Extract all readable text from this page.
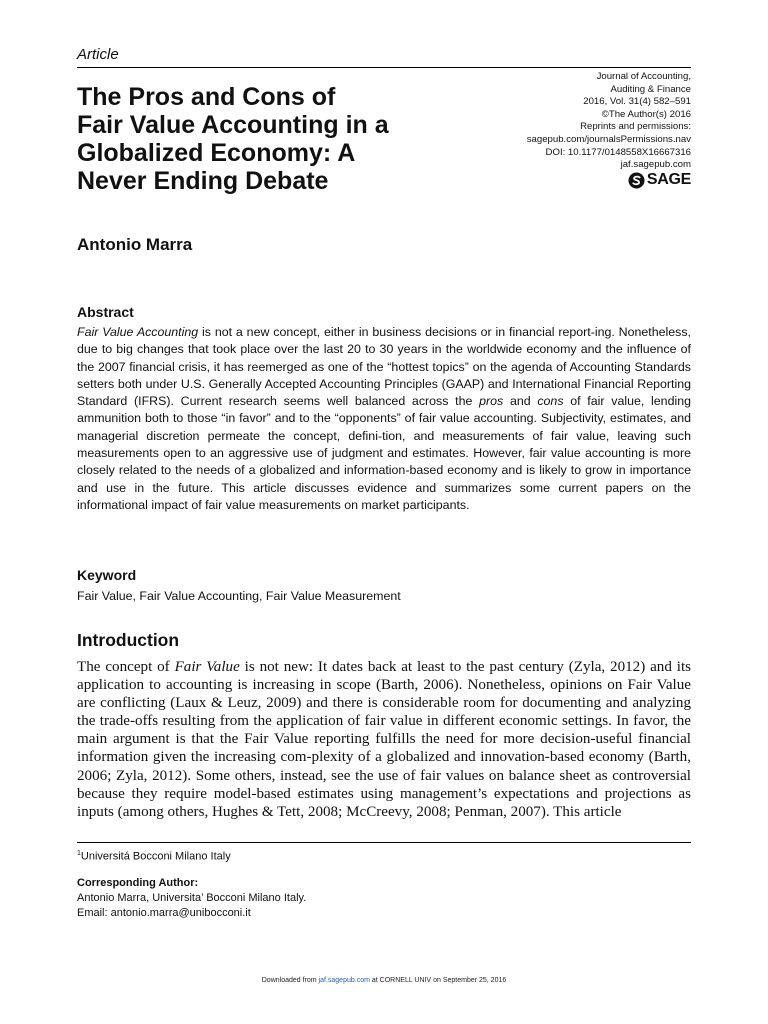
Article
The Pros and Cons of
Fair Value Accounting in a
Globalized Economy: A
Never Ending Debate
Journal of Accounting,
Auditing & Finance
2016, Vol. 31(4) 582–591
©The Author(s) 2016
Reprints and permissions:
sagepub.com/journalsPermissions.nav
DOI: 10.1177/0148558X16667316
jaf.sagepub.com
SAGE
Antonio Marra
Abstract

Fair Value Accounting is not a new concept, either in business decisions or in financial report-ing. Nonetheless, due to big changes that took place over the last 20 to 30 years in the worldwide economy and the influence of the 2007 financial crisis, it has reemerged as one of the “hottest topics” on the agenda of Accounting Standards setters both under U.S. Generally Accepted Accounting Principles (GAAP) and International Financial Reporting Standard (IFRS). Current research seems well balanced across the pros and cons of fair value, lending ammunition both to those “in favor” and to the “opponents” of fair value accounting. Subjectivity, estimates, and managerial discretion permeate the concept, defini-tion, and measurements of fair value, leaving such measurements open to an aggressive use of judgment and estimates. However, fair value accounting is more closely related to the needs of a globalized and information-based economy and is likely to grow in importance and use in the future. This article discusses evidence and summarizes some current papers on the informational impact of fair value measurements on market participants.

Keyword
Fair Value, Fair Value Accounting, Fair Value Measurement
Introduction

The concept of Fair Value is not new: It dates back at least to the past century (Zyla, 2012) and its application to accounting is increasing in scope (Barth, 2006). Nonetheless, opinions on Fair Value are conflicting (Laux & Leuz, 2009) and there is considerable room for documenting and analyzing the trade-offs resulting from the application of fair value in different economic settings. In favor, the main argument is that the Fair Value reporting fulfills the need for more decision-useful financial information given the increasing com-plexity of a globalized and innovation-based economy (Barth, 2006; Zyla, 2012). Some others, instead, see the use of fair values on balance sheet as controversial because they require model-based estimates using management’s expectations and projections as inputs (among others, Hughes & Tett, 2008; McCreevy, 2008; Penman, 2007). This article

$^1$Universitá Bocconi Milano Italy
Corresponding Author:
Antonio Marra, Universita’ Bocconi Milano Italy.
Email: antonio.marra@unibocconi.it
Downloaded from jaf.sagepub.com at CORNELL UNIV on September 25, 2016
